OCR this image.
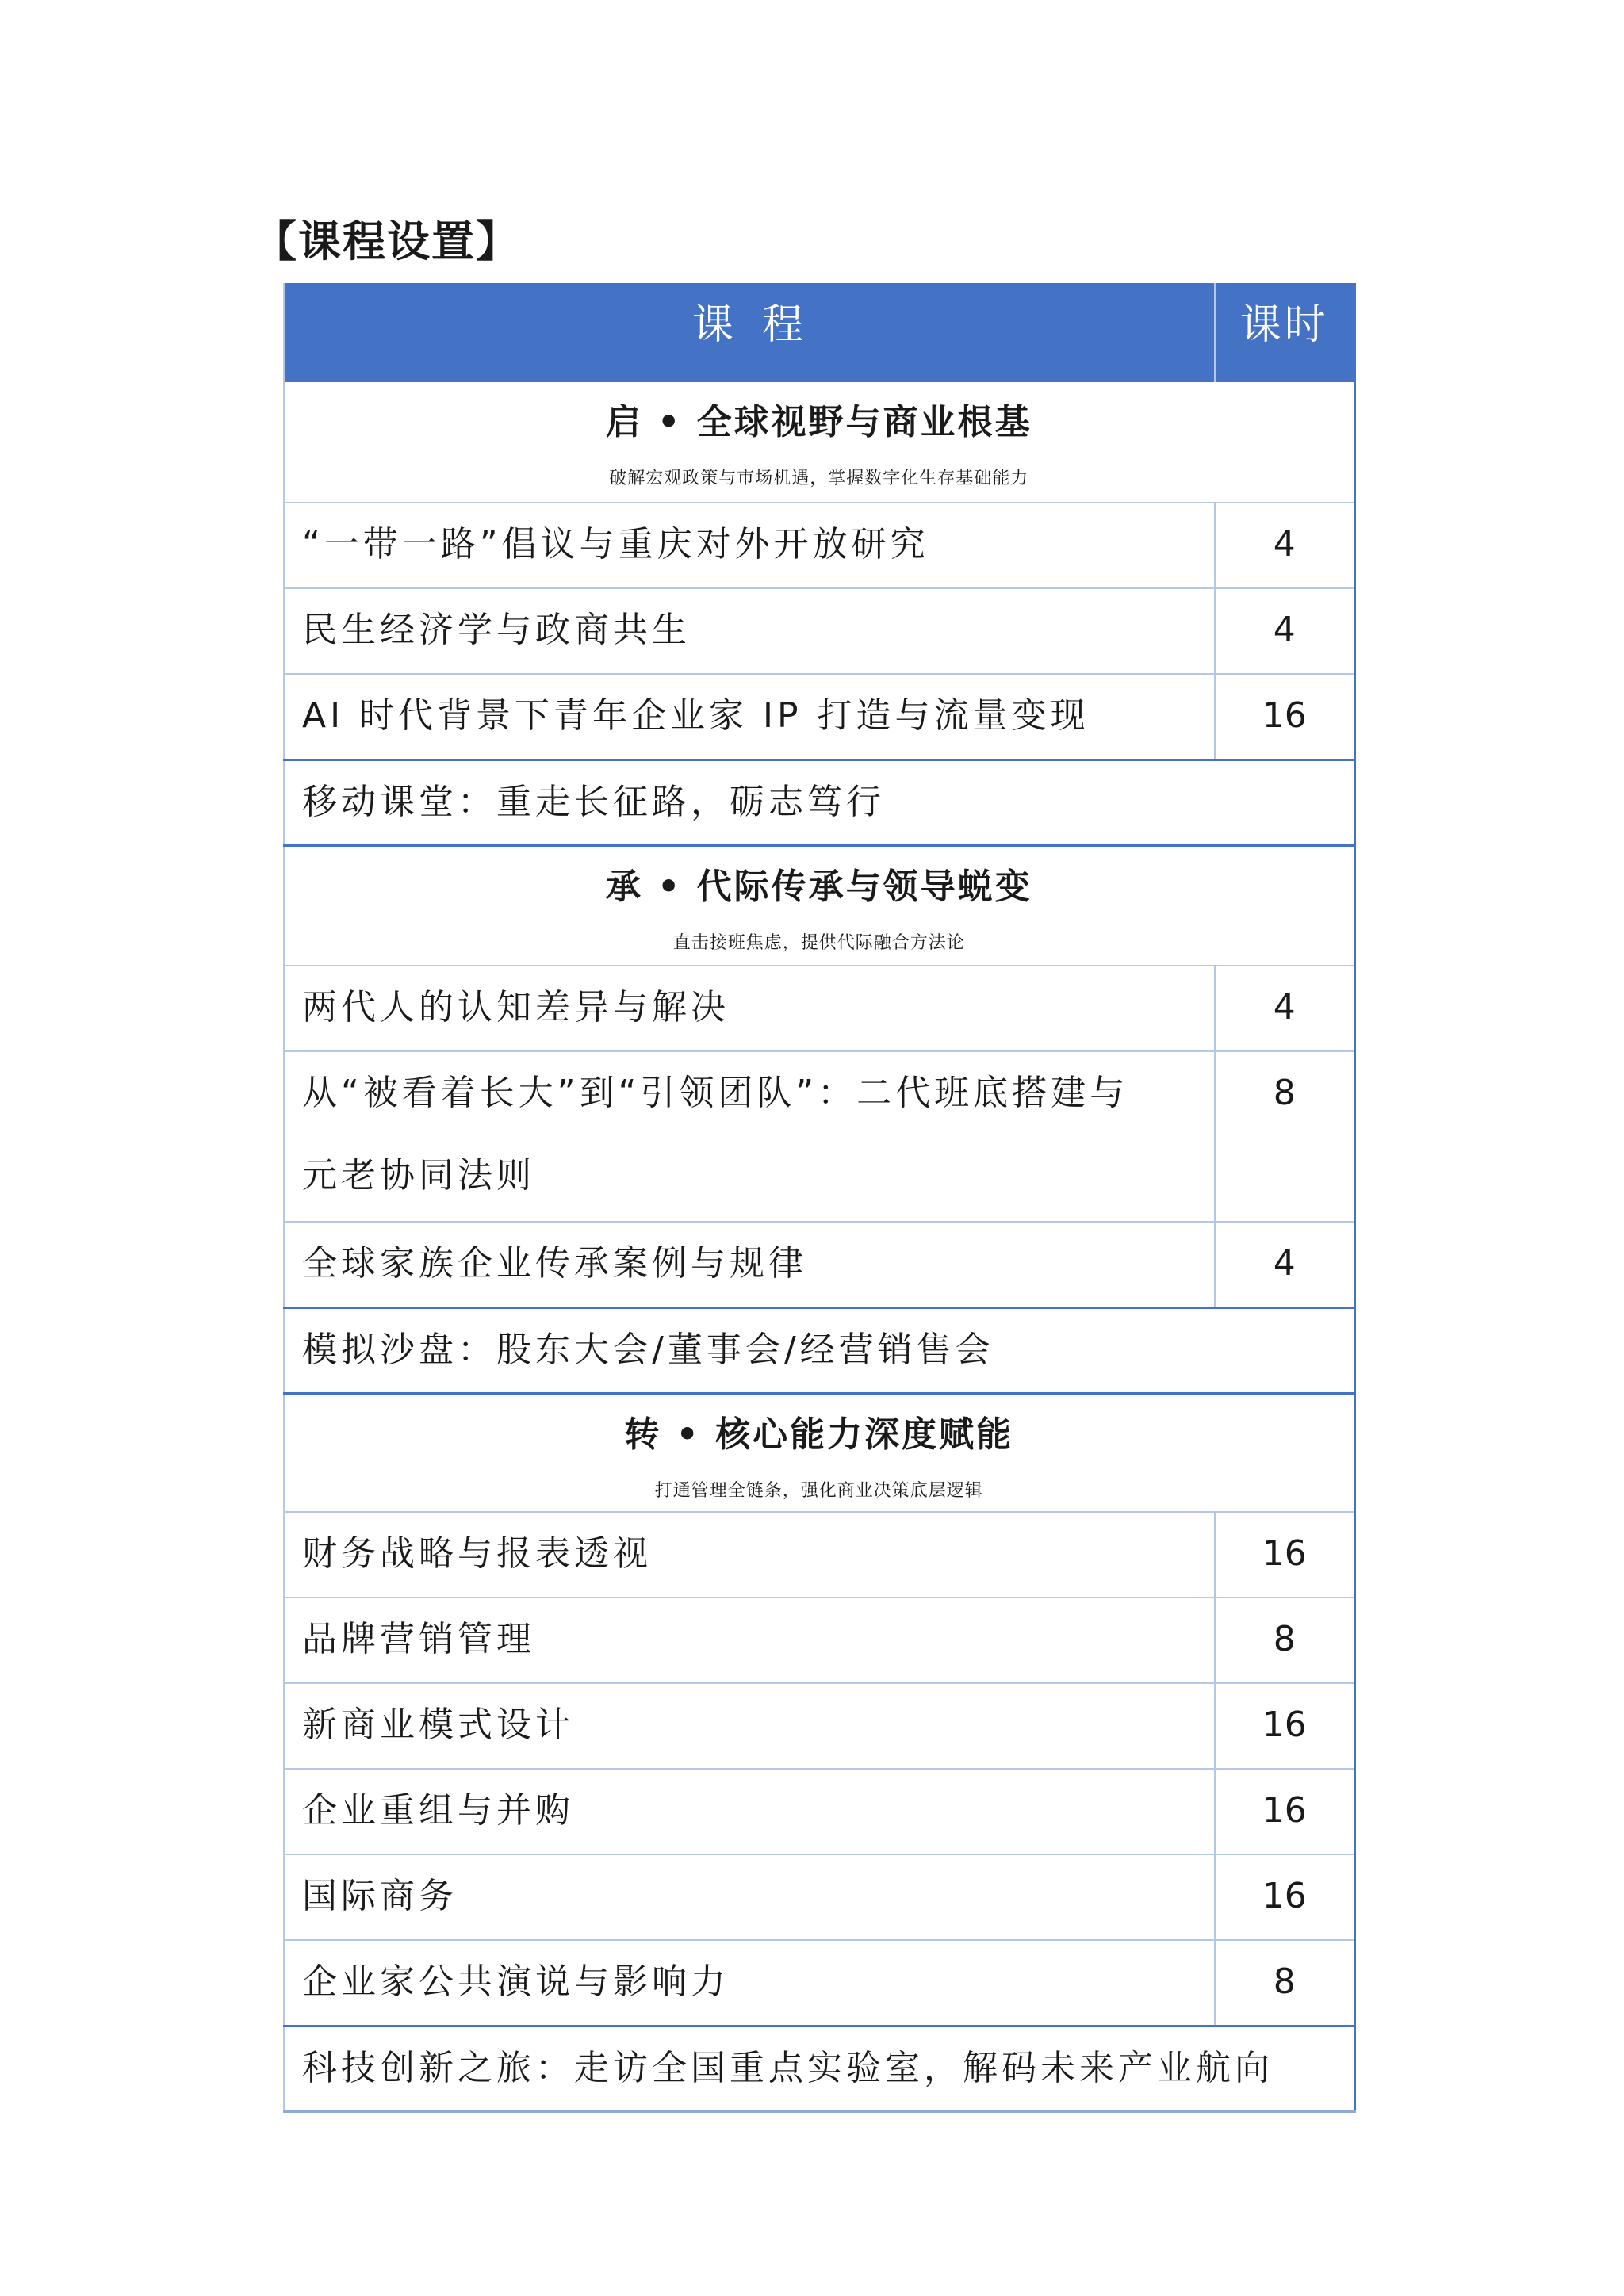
【课程设置】
课程	课时

启 • 全球视野与商业根基
破解宏观政策与市场机遇，掌握数字化生存基础能力	

“一带一路”倡议与重庆对外开放研究	4
民生经济学与政商共生	4
AI 时代背景下青年企业家 IP 打造与流量变现	16
移动课堂：重走长征路，砺志笃行	

承 • 代际传承与领导蜕变
直击接班焦虑，提供代际融合方法论	

两代人的认知差异与解决	4

从“被看着长大”到“引领团队”：二代班底搭建与
元老协同法则	8
全球家族企业传承案例与规律	4
模拟沙盘：股东大会/董事会/经营销售会	

转 • 核心能力深度赋能
打通管理全链条，强化商业决策底层逻辑	

财务战略与报表透视	16
品牌营销管理	8
新商业模式设计	16
企业重组与并购	16
国际商务	16
企业家公共演说与影响力	8
科技创新之旅：走访全国重点实验室，解码未来产业航向	
